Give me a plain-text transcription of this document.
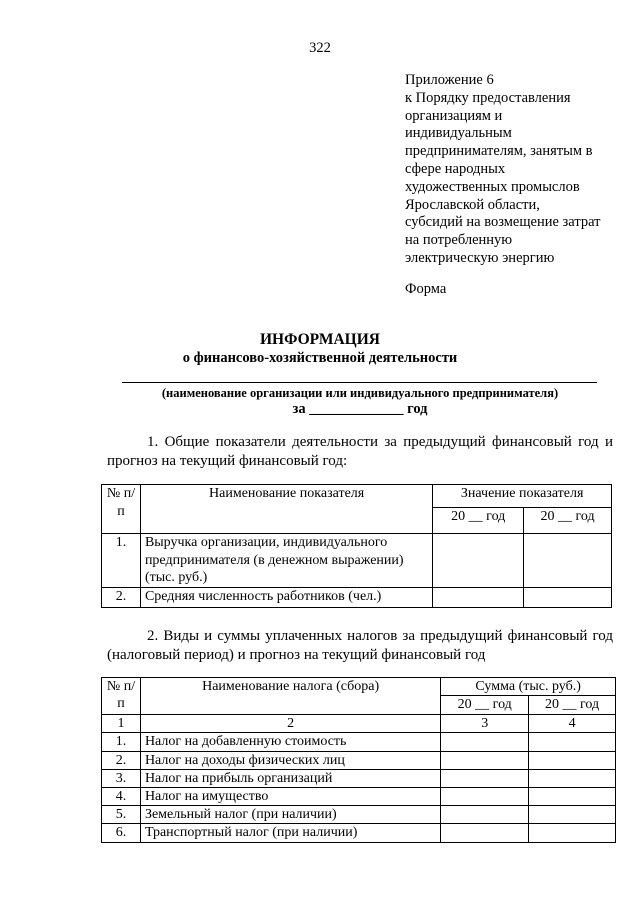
322
Приложение 6
к Порядку предоставления
организациям и
индивидуальным
предпринимателям, занятым в
сфере народных
художественных промыслов
Ярославской области,
субсидий на возмещение затрат
на потребленную
электрическую энергию
Форма
ИНФОРМАЦИЯ
о финансово-хозяйственной деятельности
(наименование организации или индивидуального предпринимателя)
за _____________ год
1. Общие показатели деятельности за предыдущий финансовый год и прогноз на текущий финансовый год:
№ п/п	Наименование показателя	Значение показателя	
		20 __ год	20 __ год
1.	Выручка организации, индивидуального предпринимателя (в денежном выражении) (тыс. руб.)		
2.	Средняя численность работников (чел.)		
2. Виды и суммы уплаченных налогов за предыдущий финансовый год (налоговый период) и прогноз на текущий финансовый год
№ п/п	Наименование налога (сбора)	Сумма (тыс. руб.)	
		20 __ год	20 __ год
1	2	3	4
1.	Налог на добавленную стоимость		
2.	Налог на доходы физических лиц		
3.	Налог на прибыль организаций		
4.	Налог на имущество		
5.	Земельный налог (при наличии)		
6.	Транспортный налог (при наличии)		
